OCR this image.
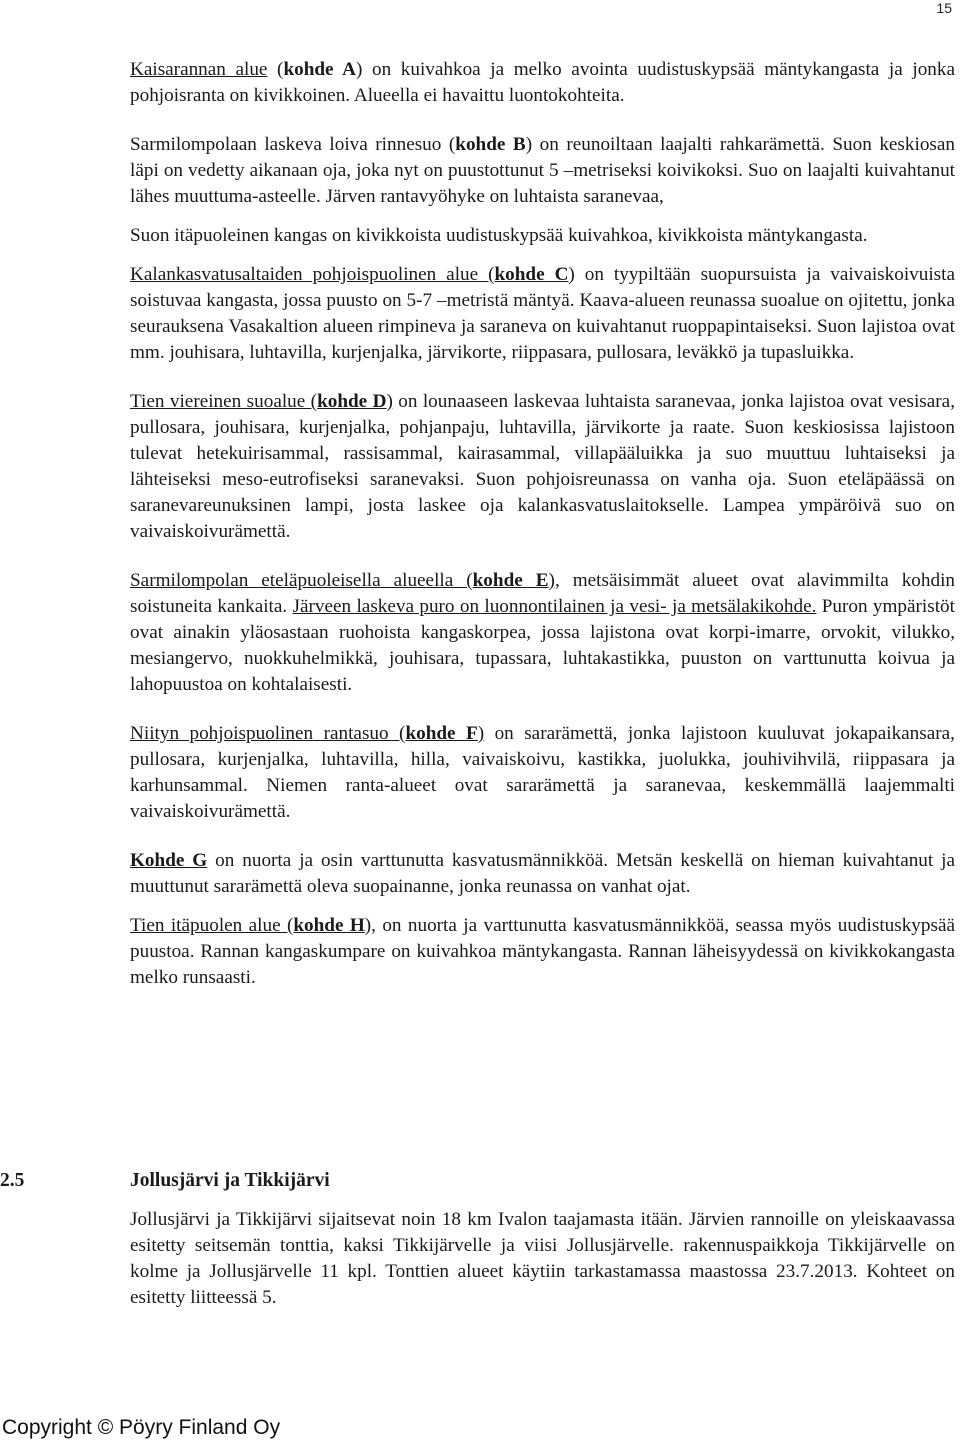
15

Kaisarannan alue (kohde A) on kuivahkoa ja melko avointa uudistuskypsää mäntykangasta ja jonka pohjoisranta on kivikkoinen. Alueella ei havaittu luontokohteita.

Sarmilompolaan laskeva loiva rinnesuo (kohde B) on reunoiltaan laajalti rahkarämettä. Suon keskiosan läpi on vedetty aikanaan oja, joka nyt on puustottunut 5 –metriseksi koivikoksi. Suo on laajalti kuivahtanut lähes muuttuma-asteelle. Järven rantavyöhyke on luhtaista saranevaa,

Suon itäpuoleinen kangas on kivikkoista uudistuskypsää kuivahkoa, kivikkoista mäntykangasta.

Kalankasvatusaltaiden pohjoispuolinen alue (kohde C) on tyypiltään suopursuista ja vaivaiskoivuista soistuvaa kangasta, jossa puusto on 5-7 –metristä mäntyä. Kaava-alueen reunassa suoalue on ojitettu, jonka seurauksena Vasakaltion alueen rimpineva ja saraneva on kuivahtanut ruoppapintaiseksi. Suon lajistoa ovat mm. jouhisara, luhtavilla, kurjenjalka, järvikorte, riippasara, pullosara, leväkkö ja tupasluikka.

Tien viereinen suoalue (kohde D) on lounaaseen laskevaa luhtaista saranevaa, jonka lajistoa ovat vesisara, pullosara, jouhisara, kurjenjalka, pohjanpaju, luhtavilla, järvikorte ja raate. Suon keskiosissa lajistoon tulevat hetekuirisammal, rassisammal, kairasammal, villapääluikka ja suo muuttuu luhtaiseksi ja lähteiseksi meso-eutrofiseksi saranevaksi. Suon pohjoisreunassa on vanha oja. Suon eteläpäässä on saranevareunuksinen lampi, josta laskee oja kalankasvatuslaitokselle. Lampea ympäröivä suo on vaivaiskoivurämettä.

Sarmilompolan eteläpuoleisella alueella (kohde E), metsäisimmät alueet ovat alavimmilta kohdin soistuneita kankaita. Järveen laskeva puro on luonnontilainen ja vesi- ja metsälakikohde. Puron ympäristöt ovat ainakin yläosastaan ruohoista kangaskorpea, jossa lajistona ovat korpi-imarre, orvokit, vilukko, mesiangervo, nuokkuhelmikkä, jouhisara, tupassara, luhtakastikka, puuston on varttunutta koivua ja lahopuustoa on kohtalaisesti.

Niityn pohjoispuolinen rantasuo (kohde F) on sararämettä, jonka lajistoon kuuluvat jokapaikansara, pullosara, kurjenjalka, luhtavilla, hilla, vaivaiskoivu, kastikka, juolukka, jouhivihvilä, riippasara ja karhunsammal. Niemen ranta-alueet ovat sararämettä ja saranevaa, keskemmällä laajemmalti vaivaiskoivurämettä.

Kohde G on nuorta ja osin varttunutta kasvatusmännikköä. Metsän keskellä on hieman kuivahtanut ja muuttunut sararämettä oleva suopainanne, jonka reunassa on vanhat ojat.

Tien itäpuolen alue (kohde H), on nuorta ja varttunutta kasvatusmännikköä, seassa myös uudistuskypsää puustoa. Rannan kangaskumpare on kuivahkoa mäntykangasta. Rannan läheisyydessä on kivikkokangasta melko runsaasti.

2.5	Jollusjärvi ja Tikkijärvi

Jollusjärvi ja Tikkijärvi sijaitsevat noin 18 km Ivalon taajamasta itään. Järvien rannoille on yleiskaavassa esitetty seitsemän tonttia, kaksi Tikkijärvelle ja viisi Jollusjärvelle. rakennuspaikkoja Tikkijärvelle on kolme ja Jollusjärvelle 11 kpl. Tonttien alueet käytiin tarkastamassa maastossa 23.7.2013. Kohteet on esitetty liitteessä 5.

Copyright © Pöyry Finland Oy
